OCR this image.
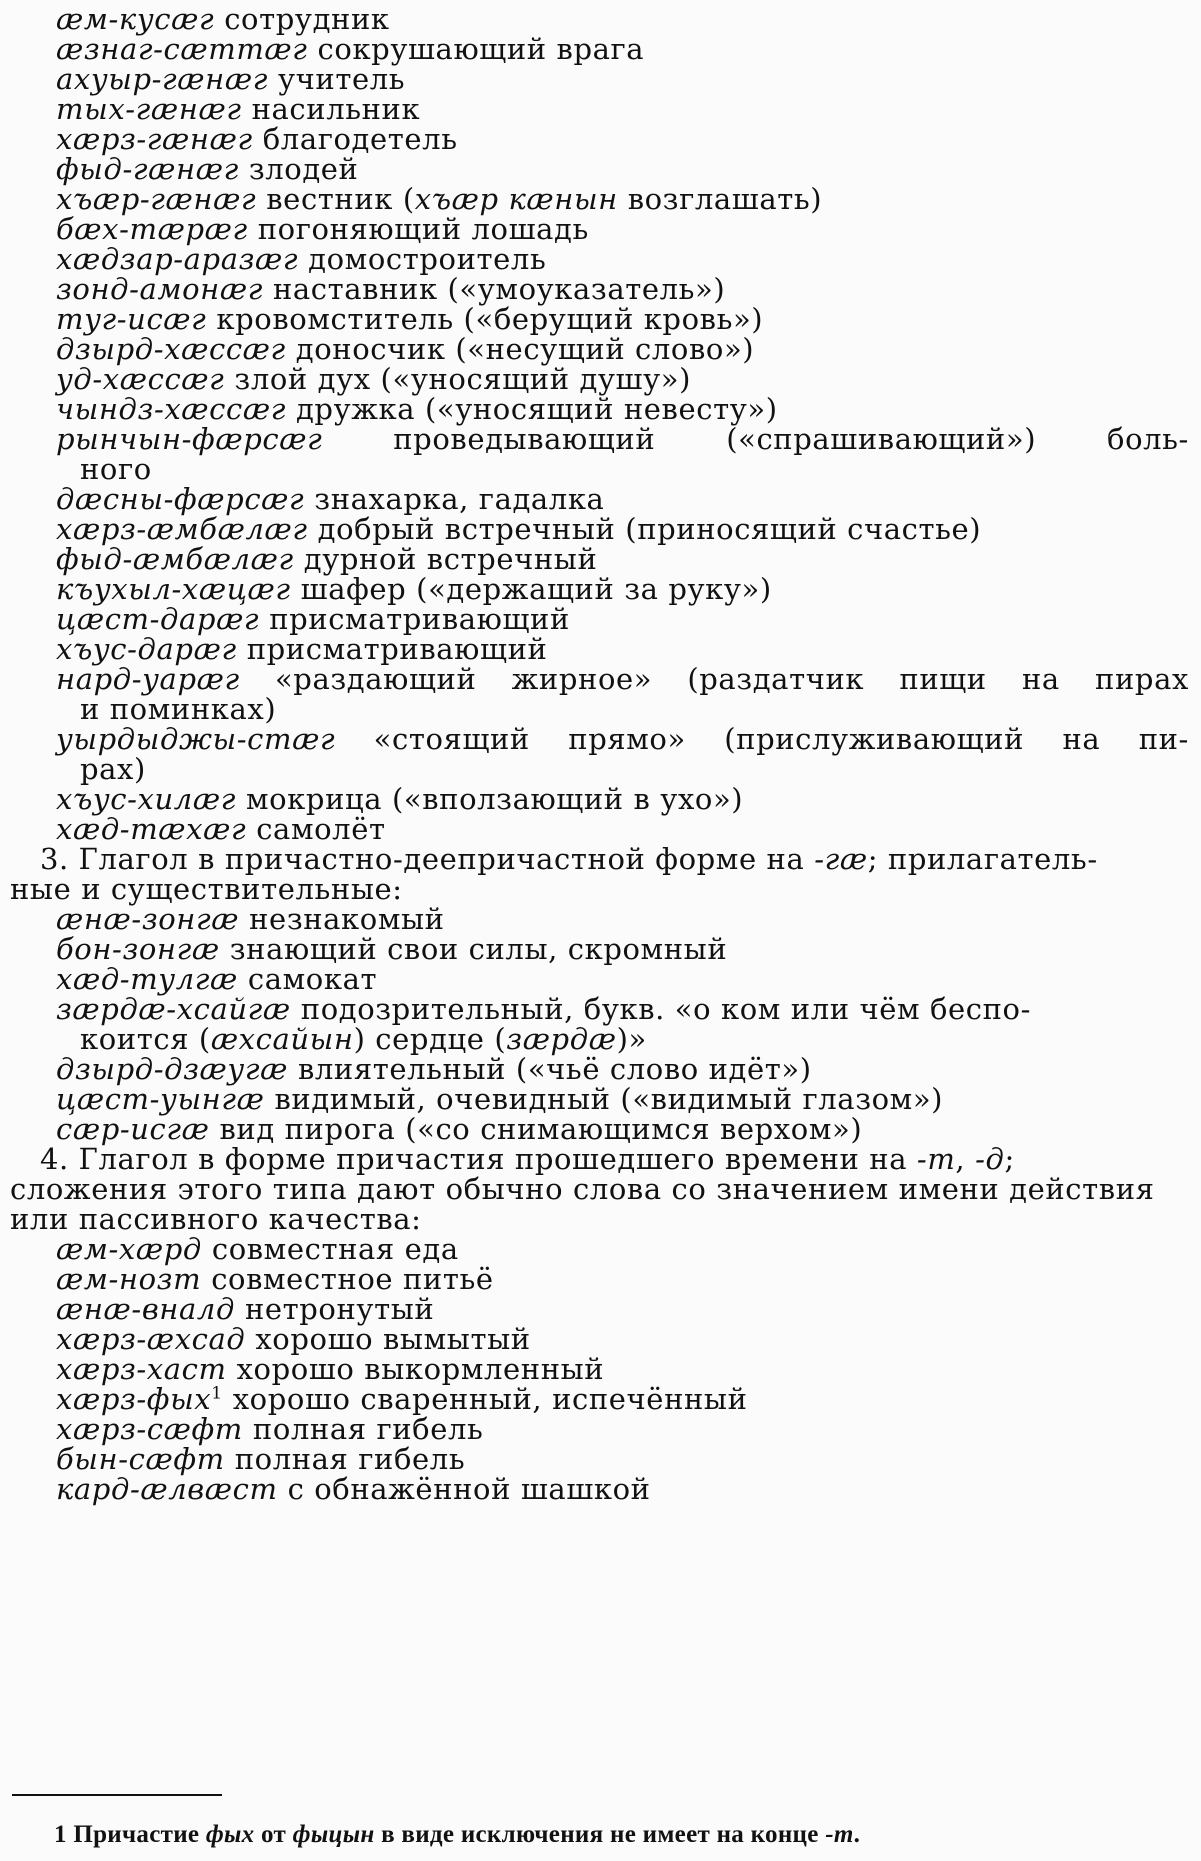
æм-кусæг сотрудник
æзнаг-сæттæг сокрушающий врага
ахуыр-гæнæг учитель
тых-гæнæг насильник
хæрз-гæнæг благодетель
фыд-гæнæг злодей
хъæр-гæнæг вестник (хъæр кæнын возглашать)
бæх-тæрæг погоняющий лошадь
хæдзар-аразæг домостроитель
зонд-амонæг наставник («умоуказатель»)
туг-исæг кровомститель («берущий кровь»)
дзырд-хæссæг доносчик («несущий слово»)
уд-хæссæг злой дух («уносящий душу»)
чындз-хæссæг дружка («уносящий невесту»)
рынчын-фæрсæг проведывающий («спрашивающий») боль-
ного
дæсны-фæрсæг знахарка, гадалка
хæрз-æмбæлæг добрый встречный (приносящий счастье)
фыд-æмбæлæг дурной встречный
къухыл-хæцæг шафер («держащий за руку»)
цæст-дарæг присматривающий
хъус-дарæг присматривающий
нард-уарæг «раздающий жирное» (раздатчик пищи на пирах
и поминках)
уырдыджы-стæг «стоящий прямо» (прислуживающий на пи-
рах)
хъус-хилæг мокрица («вползающий в ухо»)
хæд-тæхæг самолёт
3. Глагол в причастно-деепричастной форме на -гæ; прилагатель-
ные и существительные:
æнæ-зонгæ незнакомый
бон-зонгæ знающий свои силы, скромный
хæд-тулгæ самокат
зæрдæ-хсайгæ подозрительный, букв. «о ком или чём беспо-
коится (æхсайын) сердце (зæрдæ)»
дзырд-дзæугæ влиятельный («чьё слово идёт»)
цæст-уынгæ видимый, очевидный («видимый глазом»)
сæр-исгæ вид пирога («со снимающимся верхом»)
4. Глагол в форме причастия прошедшего времени на -т, -д;
сложения этого типа дают обычно слова со значением имени действия
или пассивного качества:
æм-хæрд совместная еда
æм-нозт совместное питьё
æнæ-вналд нетронутый
хæрз-æхсад хорошо вымытый
хæрз-хаст хорошо выкормленный
хæрз-фых$^1$ хорошо сваренный, испечённый
хæрз-сæфт полная гибель
бын-сæфт полная гибель
кард-æлвæст с обнажённой шашкой
1 Причастие фых от фыцын в виде исключения не имеет на конце -т.
